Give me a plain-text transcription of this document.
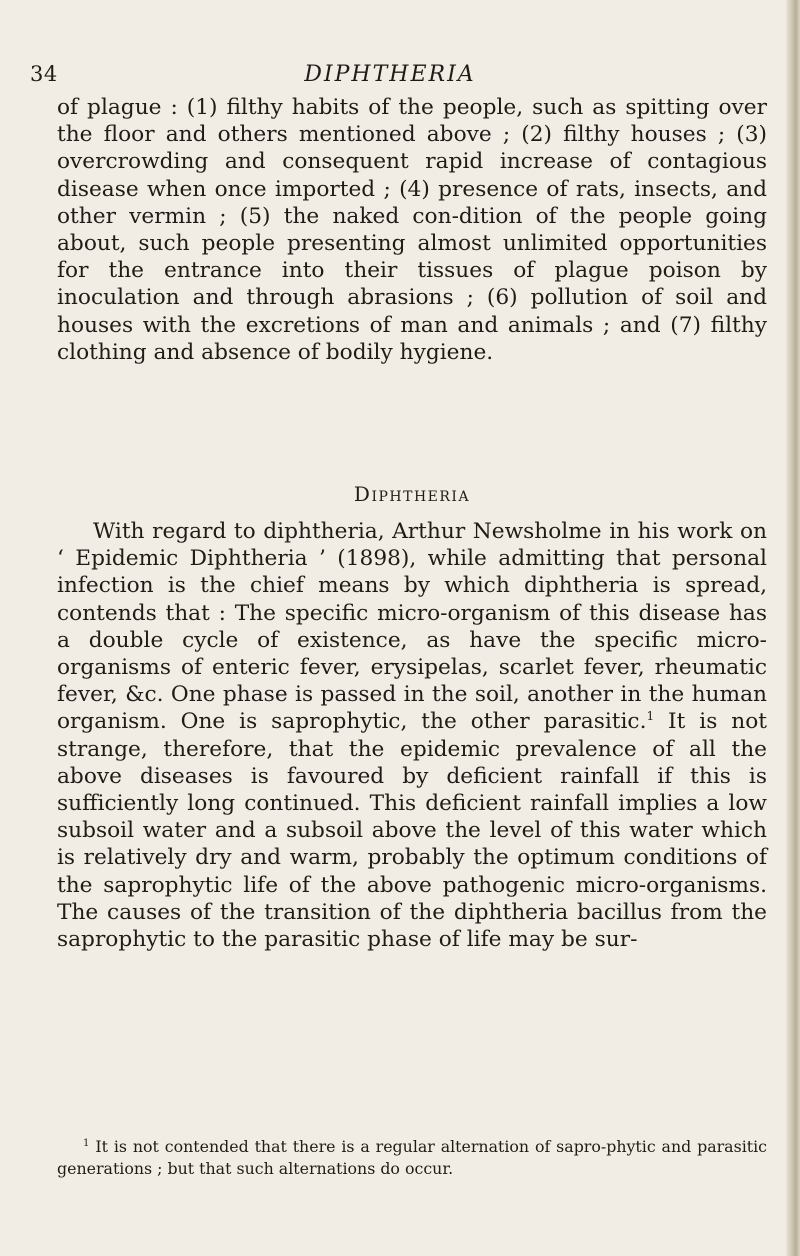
34	DIPHTHERIA

of plague : (1) filthy habits of the people, such as spitting over the floor and others mentioned above ; (2) filthy houses ; (3) overcrowding and consequent rapid increase of contagious disease when once imported ; (4) presence of rats, insects, and other vermin ; (5) the naked con-dition of the people going about, such people presenting almost unlimited opportunities for the entrance into their tissues of plague poison by inoculation and through abrasions ; (6) pollution of soil and houses with the excretions of man and animals ; and (7) filthy clothing and absence of bodily hygiene.

Diphtheria

With regard to diphtheria, Arthur Newsholme in his work on ‘ Epidemic Diphtheria ’ (1898), while admitting that personal infection is the chief means by which diphtheria is spread, contends that : The specific micro-organism of this disease has a double cycle of existence, as have the specific micro-organisms of enteric fever, erysipelas, scarlet fever, rheumatic fever, &c. One phase is passed in the soil, another in the human organism. One is saprophytic, the other parasitic.$^1$ It is not strange, therefore, that the epidemic prevalence of all the above diseases is favoured by deficient rainfall if this is sufficiently long continued. This deficient rainfall implies a low subsoil water and a subsoil above the level of this water which is relatively dry and warm, probably the optimum conditions of the saprophytic life of the above pathogenic micro-organisms. The causes of the transition of the diphtheria bacillus from the saprophytic to the parasitic phase of life may be sur-

$^1$ It is not contended that there is a regular alternation of sapro-phytic and parasitic generations ; but that such alternations do occur.
